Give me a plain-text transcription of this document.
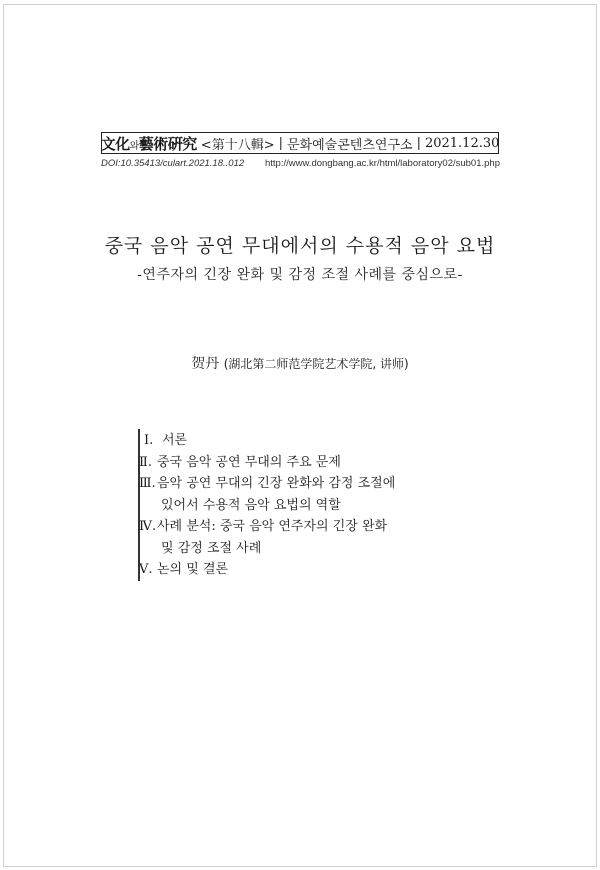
文化와藝術硏究 <第十八輯> | 문화예술콘텐츠연구소 | 2021.12.30
DOI:10.35413/culart.2021.18..012 http://www.dongbang.ac.kr/html/laboratory02/sub01.php
중국 음악 공연 무대에서의 수용적 음악 요법
-연주자의 긴장 완화 및 감정 조절 사례를 중심으로-
贺丹 (湖北第二师范学院艺术学院, 讲师)
Ⅰ. 서론
Ⅱ. 중국 음악 공연 무대의 주요 문제
Ⅲ.음악 공연 무대의 긴장 완화와 감정 조절에
있어서 수용적 음악 요법의 역할
Ⅳ.사례 분석: 중국 음악 연주자의 긴장 완화
및 감정 조절 사례
Ⅴ. 논의 및 결론
